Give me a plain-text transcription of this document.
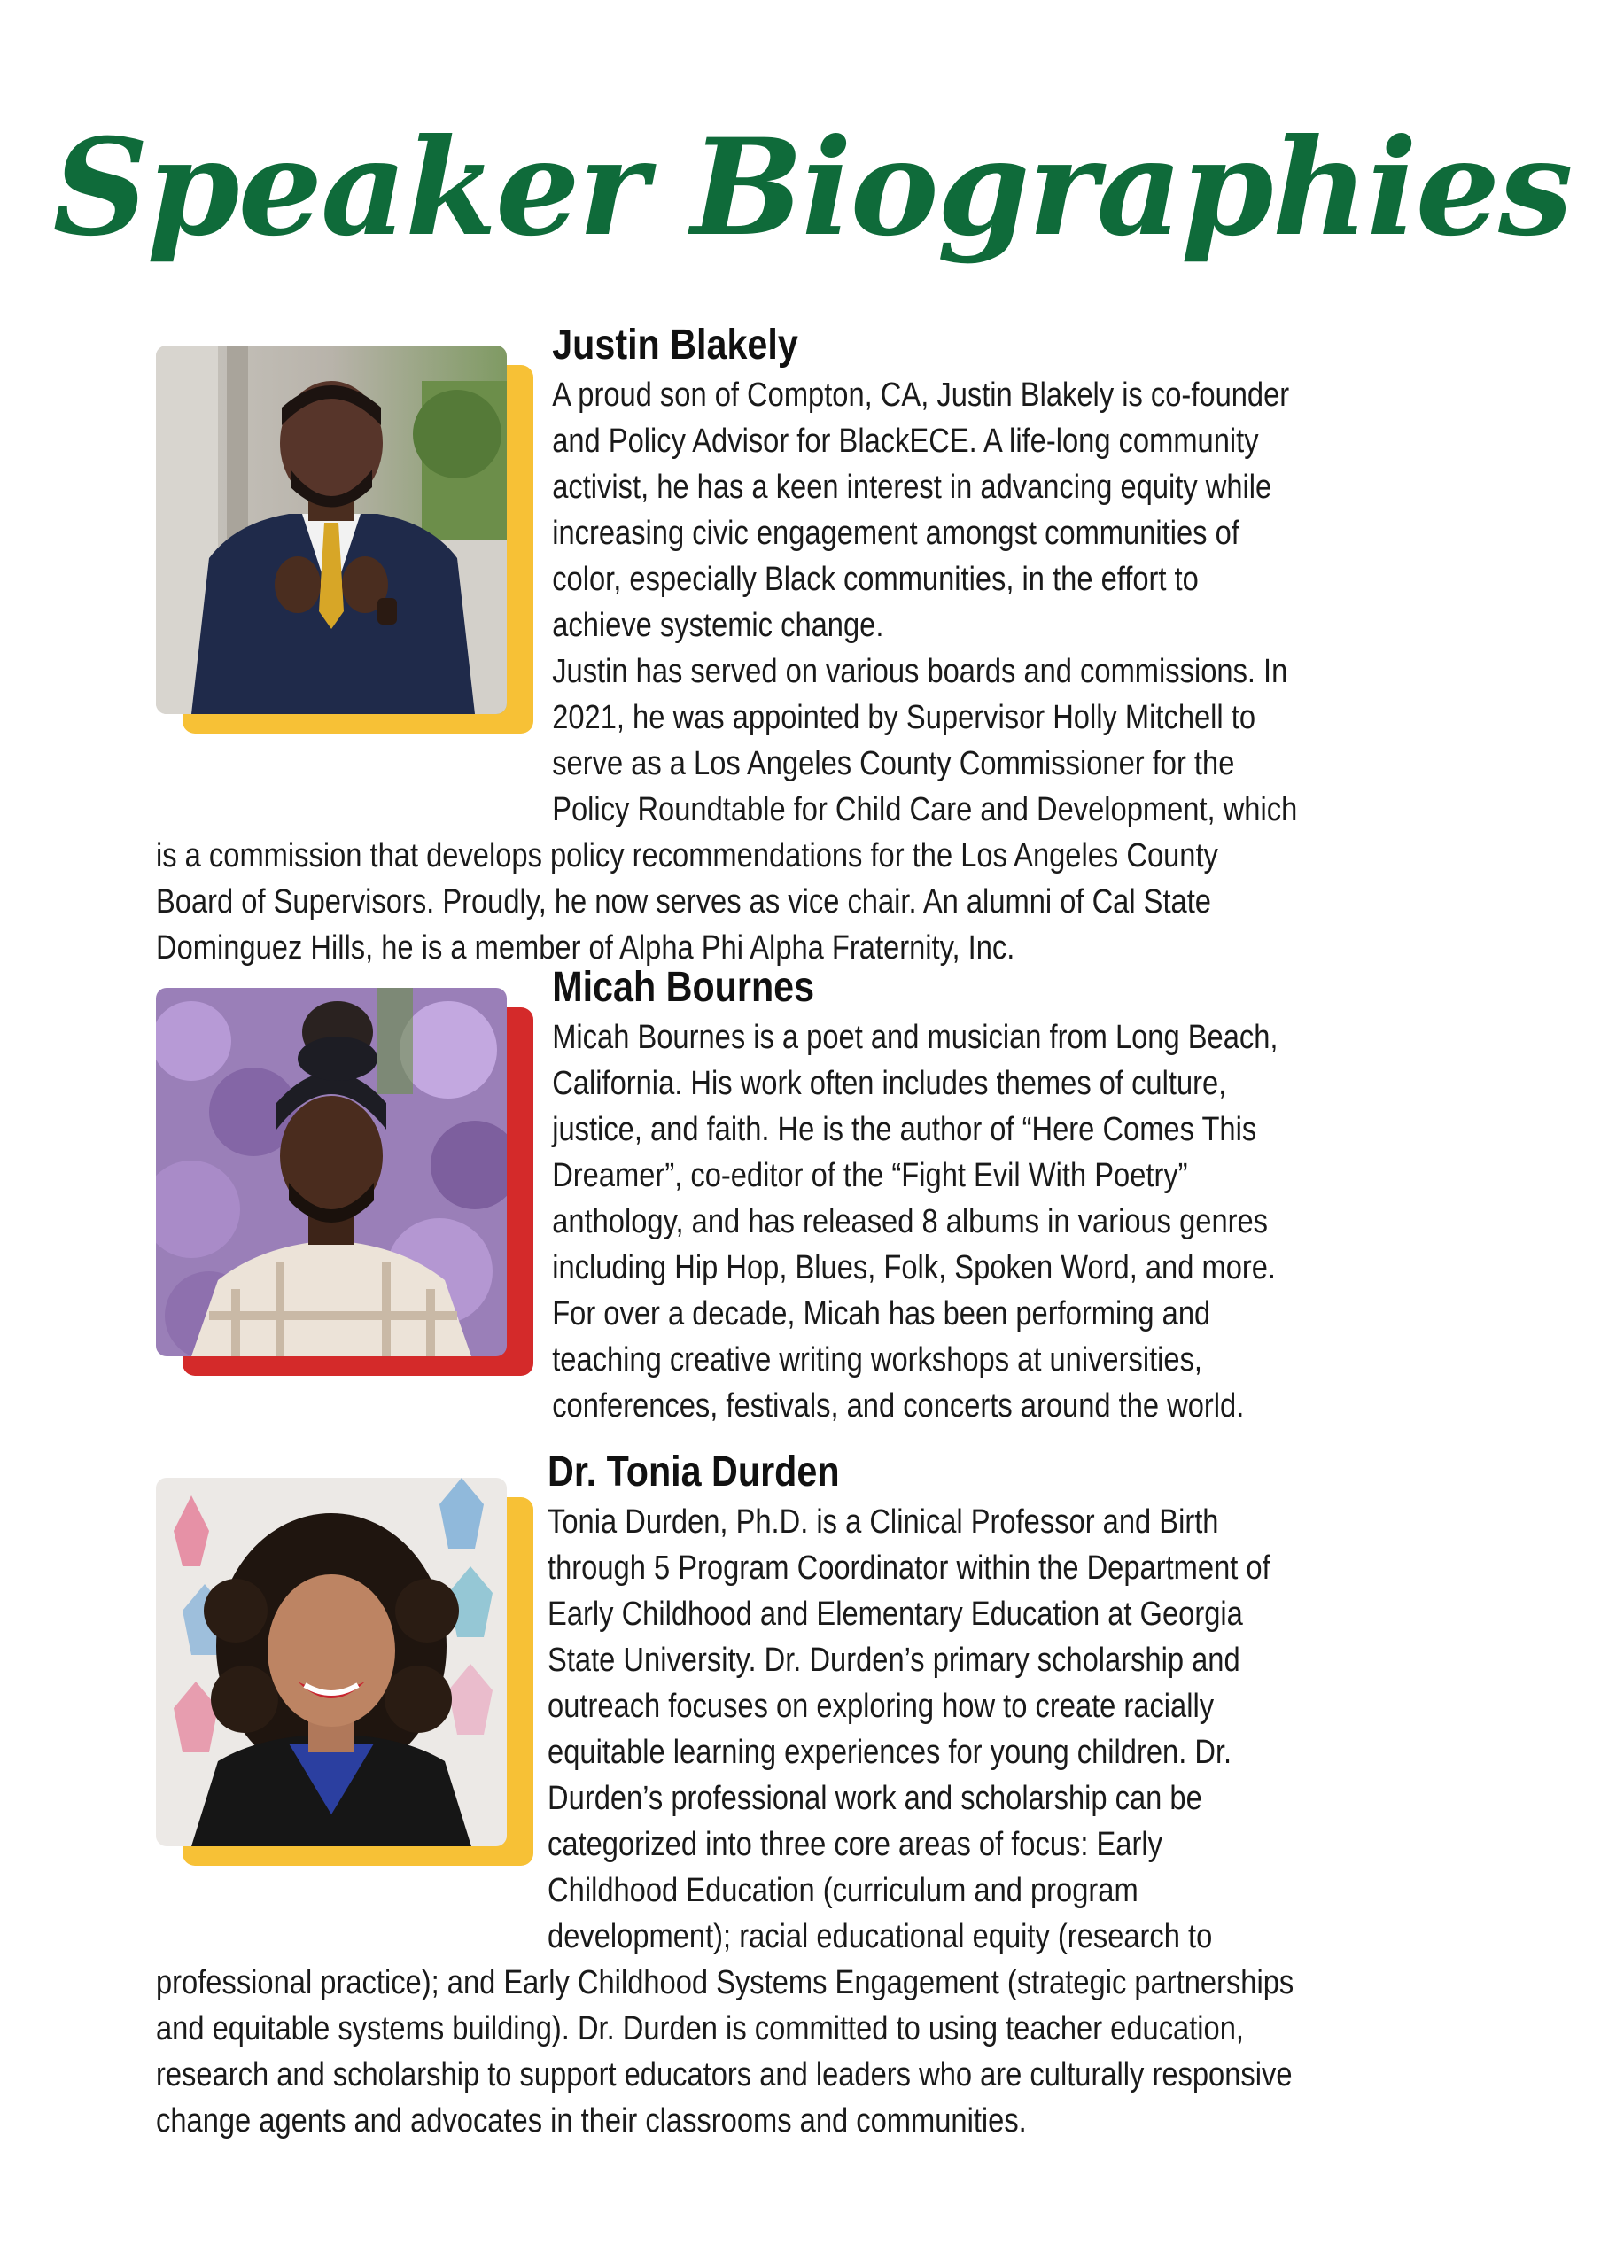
Speaker Biographies
Justin Blakely
A proud son of Compton, CA, Justin Blakely is co-founder and Policy Advisor for BlackECE. A life-long community activist, he has a keen interest in advancing equity while increasing civic engagement amongst communities of color, especially Black communities, in the effort to achieve systemic change.
Justin has served on various boards and commissions. In 2021, he was appointed by Supervisor Holly Mitchell to serve as a Los Angeles County Commissioner for the Policy Roundtable for Child Care and Development, which is a commission that develops policy recommendations for the Los Angeles County Board of Supervisors. Proudly, he now serves as vice chair. An alumni of Cal State Dominguez Hills, he is a member of Alpha Phi Alpha Fraternity, Inc.
Micah Bournes
Micah Bournes is a poet and musician from Long Beach, California. His work often includes themes of culture, justice, and faith. He is the author of “Here Comes This Dreamer”, co-editor of the “Fight Evil With Poetry” anthology, and has released 8 albums in various genres including Hip Hop, Blues, Folk, Spoken Word, and more. For over a decade, Micah has been performing and teaching creative writing workshops at universities, conferences, festivals, and concerts around the world.
Dr. Tonia Durden
Tonia Durden, Ph.D. is a Clinical Professor and Birth through 5 Program Coordinator within the Department of Early Childhood and Elementary Education at Georgia State University. Dr. Durden’s primary scholarship and outreach focuses on exploring how to create racially equitable learning experiences for young children. Dr. Durden’s professional work and scholarship can be categorized into three core areas of focus: Early Childhood Education (curriculum and program development); racial educational equity (research to professional practice); and Early Childhood Systems Engagement (strategic partnerships and equitable systems building). Dr. Durden is committed to using teacher education, research and scholarship to support educators and leaders who are culturally responsive change agents and advocates in their classrooms and communities.
